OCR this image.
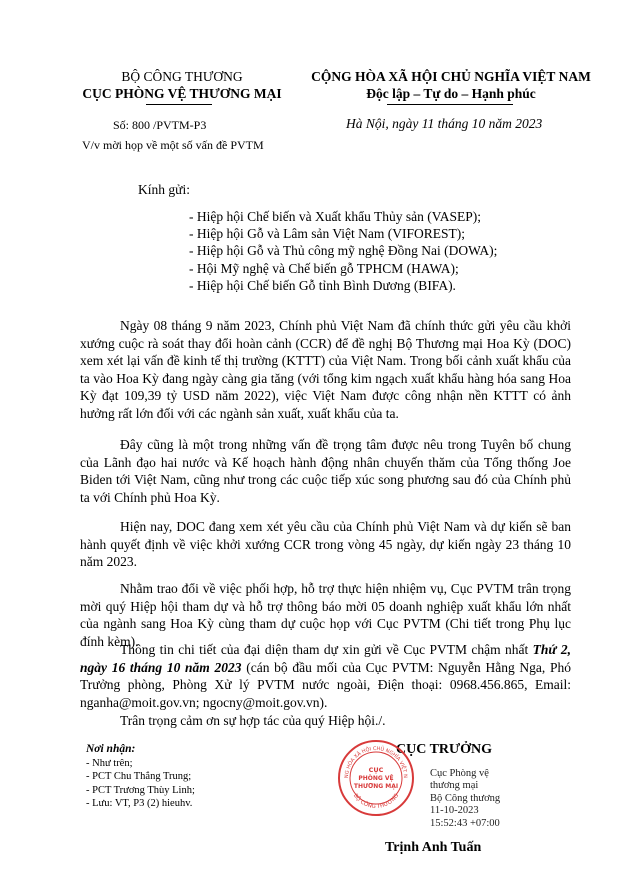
BỘ CÔNG THƯƠNG
CỤC PHÒNG VỆ THƯƠNG MẠI
Số: 800 /PVTM-P3
V/v mời họp về một số vấn đề PVTM
CỘNG HÒA XÃ HỘI CHỦ NGHĨA VIỆT NAM
Độc lập – Tự do – Hạnh phúc
Hà Nội, ngày 11 tháng 10 năm 2023
Kính gửi:
- Hiệp hội Chế biến và Xuất khẩu Thủy sản (VASEP);
- Hiệp hội Gỗ và Lâm sản Việt Nam (VIFOREST);
- Hiệp hội Gỗ và Thủ công mỹ nghệ Đồng Nai (DOWA);
- Hội Mỹ nghệ và Chế biến gỗ TPHCM (HAWA);
- Hiệp hội Chế biến Gỗ tỉnh Bình Dương (BIFA).
Ngày 08 tháng 9 năm 2023, Chính phủ Việt Nam đã chính thức gửi yêu cầu khởi xướng cuộc rà soát thay đổi hoàn cảnh (CCR) để đề nghị Bộ Thương mại Hoa Kỳ (DOC) xem xét lại vấn đề kinh tế thị trường (KTTT) của Việt Nam. Trong bối cảnh xuất khẩu của ta vào Hoa Kỳ đang ngày càng gia tăng (với tổng kim ngạch xuất khẩu hàng hóa sang Hoa Kỳ đạt 109,39 tỷ USD năm 2022), việc Việt Nam được công nhận nền KTTT có ảnh hưởng rất lớn đối với các ngành sản xuất, xuất khẩu của ta.
Đây cũng là một trong những vấn đề trọng tâm được nêu trong Tuyên bố chung của Lãnh đạo hai nước và Kế hoạch hành động nhân chuyến thăm của Tổng thống Joe Biden tới Việt Nam, cũng như trong các cuộc tiếp xúc song phương sau đó của Chính phủ ta với Chính phủ Hoa Kỳ.
Hiện nay, DOC đang xem xét yêu cầu của Chính phủ Việt Nam và dự kiến sẽ ban hành quyết định về việc khởi xướng CCR trong vòng 45 ngày, dự kiến ngày 23 tháng 10 năm 2023.
Nhằm trao đổi về việc phối hợp, hỗ trợ thực hiện nhiệm vụ, Cục PVTM trân trọng mời quý Hiệp hội tham dự và hỗ trợ thông báo mời 05 doanh nghiệp xuất khẩu lớn nhất của ngành sang Hoa Kỳ cùng tham dự cuộc họp với Cục PVTM (Chi tiết trong Phụ lục đính kèm).
Thông tin chi tiết của đại diện tham dự xin gửi về Cục PVTM chậm nhất Thứ 2, ngày 16 tháng 10 năm 2023 (cán bộ đầu mối của Cục PVTM: Nguyễn Hằng Nga, Phó Trưởng phòng, Phòng Xử lý PVTM nước ngoài, Điện thoại: 0968.456.865, Email: nganha@moit.gov.vn; ngocny@moit.gov.vn).
Trân trọng cảm ơn sự hợp tác của quý Hiệp hội./.
Nơi nhận:
- Như trên;
- PCT Chu Thắng Trung;
- PCT Trương Thùy Linh;
- Lưu: VT, P3 (2) hieuhv.
CỤC TRƯỞNG
NG HÒA XÃ HỘI CHỦ NGHĨA VIỆT N
BỘ CÔNG THƯƠNG
CỤC
PHÒNG VỆ
THƯƠNG MẠI
Cục Phòng vệ
thương mại
Bộ Công thương
11-10-2023
15:52:43 +07:00
Trịnh Anh Tuấn
